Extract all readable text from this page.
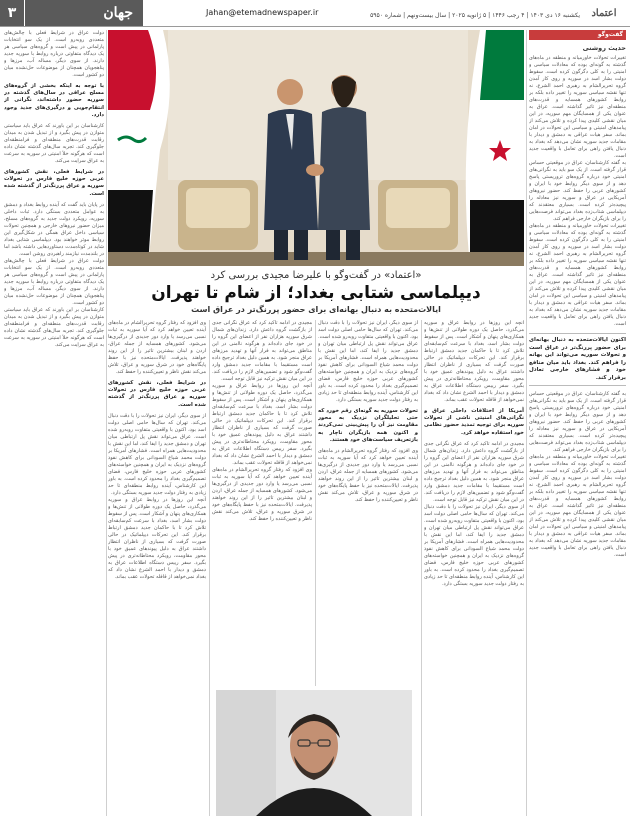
۳	جهان	Jahan@etemadnewspaper.ir	یکشنبه ۱۶ دی ۱۴۰۳ | ۴ رجب ۱۴۴۶ | ۵ ژانویه ۲۰۲۵ | سال بیست‌ونهم | شماره ۵۹۵۰	اعتماد

دولت عراق در شرایط فعلی با چالش‌های متعددی روبه‌رو است. از یک سو انتخابات پارلمانی در پیش است و گروه‌های سیاسی هر یک دیدگاه متفاوتی درباره روابط با سوریه جدید دارند. از سوی دیگر، مساله آب، مرزها و پناهجویان همچنان از موضوعات حل‌نشده میان دو کشور است.

با توجه به اینکه بخشی از گروه‌های مسلح عراقی در سال‌های گذشته در سوریه حضور داشته‌اند، نگرانی از انتقام‌جویی و درگیری‌های جدید وجود دارد.

کارشناسان بر این باورند که عراق باید سیاستی متوازن در پیش بگیرد و از تبدیل شدن به میدان رقابت قدرت‌های منطقه‌ای و فرامنطقه‌ای جلوگیری کند. تجربه سال‌های گذشته نشان داده است که هرگونه خلأ امنیتی در سوریه به سرعت به عراق سرایت می‌کند.

در شرایط فعلی، نقش کشورهای عربی حوزه خلیج فارس در تحولات سوریه و عراق پررنگ‌تر از گذشته شده است.

در پایان باید گفت که آینده روابط بغداد و دمشق به عوامل متعددی بستگی دارد. ثبات داخلی سوریه، رویکرد دولت جدید به گروه‌های مسلح، میزان حضور نیروهای خارجی و همچنین تحولات سیاسی داخل عراق همگی در شکل‌گیری این روابط موثر خواهند بود. دیپلماسی شتابی بغداد شاید در کوتاه‌مدت دستاوردهایی داشته باشد اما در بلندمدت نیازمند راهبردی روشن است.

دولت عراق در شرایط فعلی با چالش‌های متعددی روبه‌رو است. از یک سو انتخابات پارلمانی در پیش است و گروه‌های سیاسی هر یک دیدگاه متفاوتی درباره روابط با سوریه جدید دارند. از سوی دیگر، مساله آب، مرزها و پناهجویان همچنان از موضوعات حل‌نشده میان دو کشور است.

کارشناسان بر این باورند که عراق باید سیاستی متوازن در پیش بگیرد و از تبدیل شدن به میدان رقابت قدرت‌های منطقه‌ای و فرامنطقه‌ای جلوگیری کند. تجربه سال‌های گذشته نشان داده است که هرگونه خلأ امنیتی در سوریه به سرعت به عراق سرایت می‌کند.

«اعتماد» در گفت‌وگو با علیرضا مجیدی بررسی کرد
دیپلماسی شتابی بغداد؛ از شام تا تهران
ایالات‌متحده به دنبال بهانه‌ای برای حضور پررنگ‌تر در عراق است

آنچه این روزها در روابط عراق و سوریه می‌گذرد، حاصل یک دوره طولانی از تنش‌ها و همکاری‌های پنهان و آشکار است. پس از سقوط دولت بشار اسد، بغداد با سرعت کم‌سابقه‌ای تلاش کرد تا با حاکمان جدید دمشق ارتباط برقرار کند. این تحرکات دیپلماتیک در حالی صورت گرفت که بسیاری از ناظران انتظار داشتند عراق به دلیل پیوندهای عمیق خود با محور مقاومت، رویکرد محتاطانه‌تری در پیش بگیرد. سفر رییس دستگاه اطلاعات عراق به دمشق و دیدار با احمد الشرع نشان داد که بغداد نمی‌خواهد از قافله تحولات عقب بماند.

آمریکا از اختلافات داخلی عراق و نگرانی‌های امنیتی ناشی از تحولات سوریه برای توجیه تمدید حضور نظامی خود استفاده خواهد کرد.

مجیدی در ادامه تاکید کرد که عراق نگرانی جدی از بازگشت گروه داعش دارد. زندان‌های شمال شرق سوریه هزاران نفر از اعضای این گروه را در خود جای داده‌اند و هرگونه ناامنی در این مناطق می‌تواند به فرار آنها و تهدید مرزهای عراق منجر شود. به همین دلیل بغداد ترجیح داده است مستقیما با مقامات جدید دمشق وارد گفت‌وگو شود و تضمین‌های لازم را دریافت کند. در این میان نقش ترکیه نیز قابل توجه است.

از سوی دیگر، ایران نیز تحولات را با دقت دنبال می‌کند. تهران که سال‌ها حامی اصلی دولت اسد بود، اکنون با واقعیتی متفاوت روبه‌رو شده است. عراق می‌تواند نقش پل ارتباطی میان تهران و دمشق جدید را ایفا کند، اما این نقش با محدودیت‌هایی همراه است. فشارهای آمریکا بر دولت محمد شیاع السودانی برای کاهش نفوذ گروه‌های نزدیک به ایران و همچنین خواسته‌های کشورهای عربی حوزه خلیج فارس، فضای تصمیم‌گیری بغداد را محدود کرده است. به باور این کارشناس، آینده روابط منطقه‌ای تا حد زیادی به رفتار دولت جدید سوریه بستگی دارد.

از سوی دیگر، ایران نیز تحولات را با دقت دنبال می‌کند. تهران که سال‌ها حامی اصلی دولت اسد بود، اکنون با واقعیتی متفاوت روبه‌رو شده است. عراق می‌تواند نقش پل ارتباطی میان تهران و دمشق جدید را ایفا کند، اما این نقش با محدودیت‌هایی همراه است. فشارهای آمریکا بر دولت محمد شیاع السودانی برای کاهش نفوذ گروه‌های نزدیک به ایران و همچنین خواسته‌های کشورهای عربی حوزه خلیج فارس، فضای تصمیم‌گیری بغداد را محدود کرده است. به باور این کارشناس، آینده روابط منطقه‌ای تا حد زیادی به رفتار دولت جدید سوریه بستگی دارد.

تحولات سوریه به گونه‌ای رقم خورد که حتی تحلیلگران نزدیک به محور مقاومت نیز آن را پیش‌بینی نمی‌کردند و اکنون همه بازیگران ناچار به بازتعریف سیاست‌های خود هستند.

وی افزود که رفتار گروه تحریرالشام در ماه‌های آینده تعیین خواهد کرد که آیا سوریه به ثبات نسبی می‌رسد یا وارد دور جدیدی از درگیری‌ها می‌شود. کشورهای همسایه از جمله عراق، اردن و لبنان بیشترین تاثیر را از این روند خواهند پذیرفت. ایالات‌متحده نیز با حفظ پایگاه‌های خود در شرق سوریه و عراق، تلاش می‌کند نقش ناظر و تعیین‌کننده را حفظ کند.

مجیدی در ادامه تاکید کرد که عراق نگرانی جدی از بازگشت گروه داعش دارد. زندان‌های شمال شرق سوریه هزاران نفر از اعضای این گروه را در خود جای داده‌اند و هرگونه ناامنی در این مناطق می‌تواند به فرار آنها و تهدید مرزهای عراق منجر شود. به همین دلیل بغداد ترجیح داده است مستقیما با مقامات جدید دمشق وارد گفت‌وگو شود و تضمین‌های لازم را دریافت کند. در این میان نقش ترکیه نیز قابل توجه است.

آنچه این روزها در روابط عراق و سوریه می‌گذرد، حاصل یک دوره طولانی از تنش‌ها و همکاری‌های پنهان و آشکار است. پس از سقوط دولت بشار اسد، بغداد با سرعت کم‌سابقه‌ای تلاش کرد تا با حاکمان جدید دمشق ارتباط برقرار کند. این تحرکات دیپلماتیک در حالی صورت گرفت که بسیاری از ناظران انتظار داشتند عراق به دلیل پیوندهای عمیق خود با محور مقاومت، رویکرد محتاطانه‌تری در پیش بگیرد. سفر رییس دستگاه اطلاعات عراق به دمشق و دیدار با احمد الشرع نشان داد که بغداد نمی‌خواهد از قافله تحولات عقب بماند.

وی افزود که رفتار گروه تحریرالشام در ماه‌های آینده تعیین خواهد کرد که آیا سوریه به ثبات نسبی می‌رسد یا وارد دور جدیدی از درگیری‌ها می‌شود. کشورهای همسایه از جمله عراق، اردن و لبنان بیشترین تاثیر را از این روند خواهند پذیرفت. ایالات‌متحده نیز با حفظ پایگاه‌های خود در شرق سوریه و عراق، تلاش می‌کند نقش ناظر و تعیین‌کننده را حفظ کند.

وی افزود که رفتار گروه تحریرالشام در ماه‌های آینده تعیین خواهد کرد که آیا سوریه به ثبات نسبی می‌رسد یا وارد دور جدیدی از درگیری‌ها می‌شود. کشورهای همسایه از جمله عراق، اردن و لبنان بیشترین تاثیر را از این روند خواهند پذیرفت. ایالات‌متحده نیز با حفظ پایگاه‌های خود در شرق سوریه و عراق، تلاش می‌کند نقش ناظر و تعیین‌کننده را حفظ کند.

در شرایط فعلی، نقش کشورهای عربی حوزه خلیج فارس در تحولات سوریه و عراق پررنگ‌تر از گذشته شده است.

از سوی دیگر، ایران نیز تحولات را با دقت دنبال می‌کند. تهران که سال‌ها حامی اصلی دولت اسد بود، اکنون با واقعیتی متفاوت روبه‌رو شده است. عراق می‌تواند نقش پل ارتباطی میان تهران و دمشق جدید را ایفا کند، اما این نقش با محدودیت‌هایی همراه است. فشارهای آمریکا بر دولت محمد شیاع السودانی برای کاهش نفوذ گروه‌های نزدیک به ایران و همچنین خواسته‌های کشورهای عربی حوزه خلیج فارس، فضای تصمیم‌گیری بغداد را محدود کرده است. به باور این کارشناس، آینده روابط منطقه‌ای تا حد زیادی به رفتار دولت جدید سوریه بستگی دارد.

آنچه این روزها در روابط عراق و سوریه می‌گذرد، حاصل یک دوره طولانی از تنش‌ها و همکاری‌های پنهان و آشکار است. پس از سقوط دولت بشار اسد، بغداد با سرعت کم‌سابقه‌ای تلاش کرد تا با حاکمان جدید دمشق ارتباط برقرار کند. این تحرکات دیپلماتیک در حالی صورت گرفت که بسیاری از ناظران انتظار داشتند عراق به دلیل پیوندهای عمیق خود با محور مقاومت، رویکرد محتاطانه‌تری در پیش بگیرد. سفر رییس دستگاه اطلاعات عراق به دمشق و دیدار با احمد الشرع نشان داد که بغداد نمی‌خواهد از قافله تحولات عقب بماند.

گفت‌وگو
حدیث روشنی

تغییرات تحولات خاورمیانه و منطقه در ماه‌های گذشته به گونه‌ای بوده که معادلات سیاسی و امنیتی را به کلی دگرگون کرده است. سقوط دولت بشار اسد در سوریه و روی کار آمدن گروه تحریرالشام به رهبری احمد الشرع، نه تنها نقشه سیاسی سوریه را تغییر داده بلکه بر روابط کشورهای همسایه و قدرت‌های منطقه‌ای نیز تاثیر گذاشته است. عراق به عنوان یکی از همسایگان مهم سوریه، در این میان نقشی کلیدی پیدا کرده و تلاش می‌کند از پیامدهای امنیتی و سیاسی این تحولات در امان بماند. سفر هیات عراقی به دمشق و دیدار با مقامات جدید سوریه نشان می‌دهد که بغداد به دنبال یافتن راهی برای تعامل با واقعیت جدید است.

به گفته کارشناسان، عراق در موقعیتی حساس قرار گرفته است. از یک سو باید به نگرانی‌های امنیتی خود درباره گروه‌های تروریستی پاسخ دهد و از سوی دیگر روابط خود با ایران و کشورهای عربی را حفظ کند. حضور نیروهای آمریکایی در عراق و سوریه نیز معادله را پیچیده‌تر کرده است. بسیاری معتقدند که دیپلماسی شتاب‌زده بغداد می‌تواند فرصت‌هایی را برای بازیگران خارجی فراهم کند.

تغییرات تحولات خاورمیانه و منطقه در ماه‌های گذشته به گونه‌ای بوده که معادلات سیاسی و امنیتی را به کلی دگرگون کرده است. سقوط دولت بشار اسد در سوریه و روی کار آمدن گروه تحریرالشام به رهبری احمد الشرع، نه تنها نقشه سیاسی سوریه را تغییر داده بلکه بر روابط کشورهای همسایه و قدرت‌های منطقه‌ای نیز تاثیر گذاشته است. عراق به عنوان یکی از همسایگان مهم سوریه، در این میان نقشی کلیدی پیدا کرده و تلاش می‌کند از پیامدهای امنیتی و سیاسی این تحولات در امان بماند. سفر هیات عراقی به دمشق و دیدار با مقامات جدید سوریه نشان می‌دهد که بغداد به دنبال یافتن راهی برای تعامل با واقعیت جدید است.

اکنون ایالات‌متحده به دنبال بهانه‌ای برای حضور پررنگ‌تر در عراق است و تحولات سوریه می‌تواند این بهانه را فراهم کند. بغداد باید میان منافع خود و فشارهای خارجی تعادل برقرار کند.

به گفته کارشناسان، عراق در موقعیتی حساس قرار گرفته است. از یک سو باید به نگرانی‌های امنیتی خود درباره گروه‌های تروریستی پاسخ دهد و از سوی دیگر روابط خود با ایران و کشورهای عربی را حفظ کند. حضور نیروهای آمریکایی در عراق و سوریه نیز معادله را پیچیده‌تر کرده است. بسیاری معتقدند که دیپلماسی شتاب‌زده بغداد می‌تواند فرصت‌هایی را برای بازیگران خارجی فراهم کند.

تغییرات تحولات خاورمیانه و منطقه در ماه‌های گذشته به گونه‌ای بوده که معادلات سیاسی و امنیتی را به کلی دگرگون کرده است. سقوط دولت بشار اسد در سوریه و روی کار آمدن گروه تحریرالشام به رهبری احمد الشرع، نه تنها نقشه سیاسی سوریه را تغییر داده بلکه بر روابط کشورهای همسایه و قدرت‌های منطقه‌ای نیز تاثیر گذاشته است. عراق به عنوان یکی از همسایگان مهم سوریه، در این میان نقشی کلیدی پیدا کرده و تلاش می‌کند از پیامدهای امنیتی و سیاسی این تحولات در امان بماند. سفر هیات عراقی به دمشق و دیدار با مقامات جدید سوریه نشان می‌دهد که بغداد به دنبال یافتن راهی برای تعامل با واقعیت جدید است.
